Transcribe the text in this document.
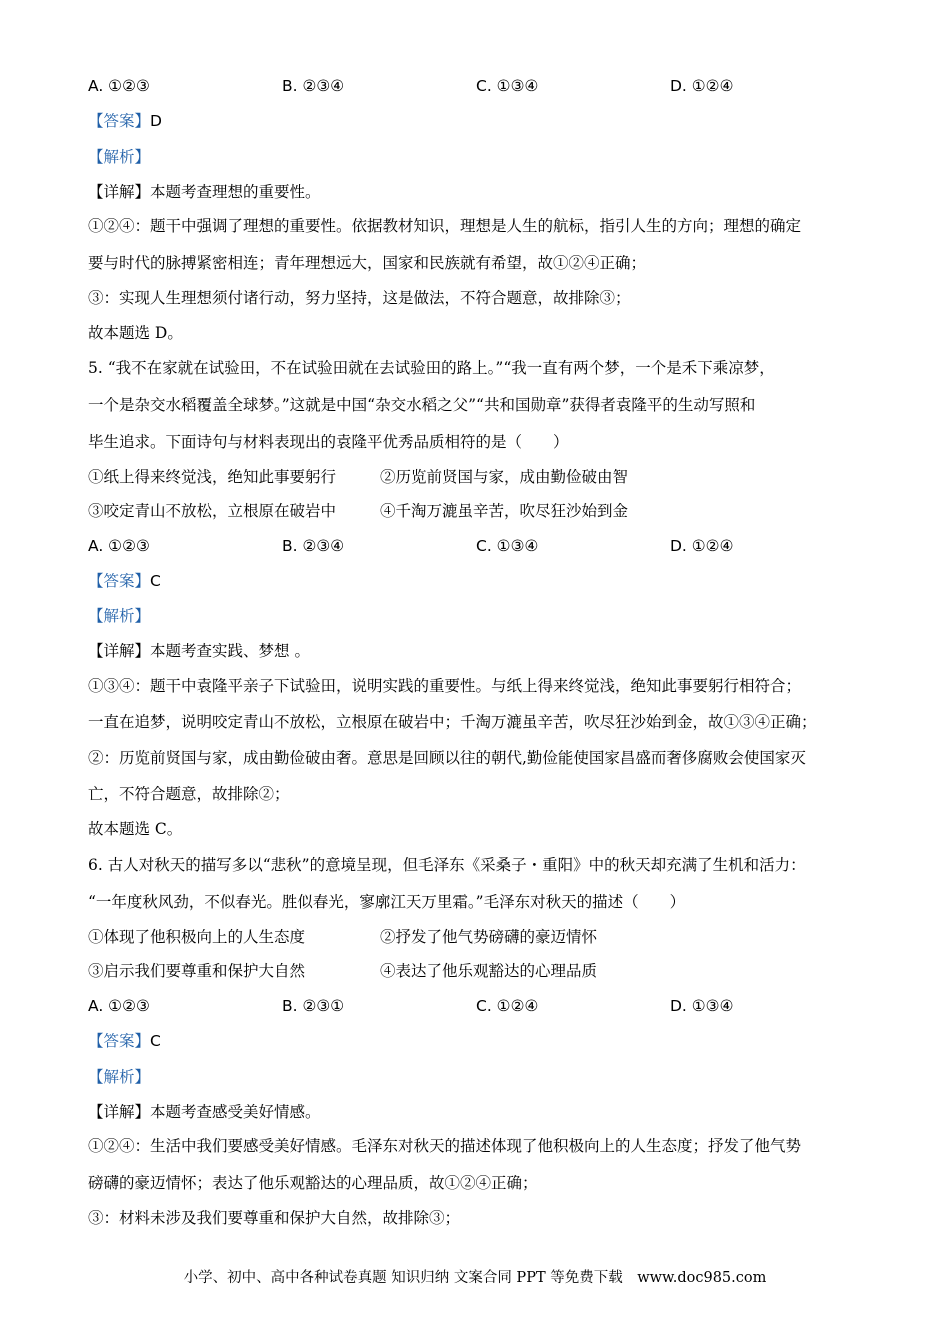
A. ①②③	B. ②③④	C. ①③④	D. ①②④
【答案】D
【解析】
【详解】本题考查理想的重要性。
①②④：题干中强调了理想的重要性。依据教材知识，理想是人生的航标，指引人生的方向；理想的确定
要与时代的脉搏紧密相连；青年理想远大，国家和民族就有希望，故①②④正确；
③：实现人生理想须付诸行动，努力坚持，这是做法，不符合题意，故排除③；
故本题选 D。
5. “我不在家就在试验田，不在试验田就在去试验田的路上。”“我一直有两个梦，一个是禾下乘凉梦，
一个是杂交水稻覆盖全球梦。”这就是中国“杂交水稻之父”“共和国勋章”获得者袁隆平的生动写照和
毕生追求。下面诗句与材料表现出的袁隆平优秀品质相符的是（　　）
①纸上得来终觉浅，绝知此事要躬行	②历览前贤国与家，成由勤俭破由智
③咬定青山不放松，立根原在破岩中	④千淘万漉虽辛苦，吹尽狂沙始到金
A. ①②③	B. ②③④	C. ①③④	D. ①②④
【答案】C
【解析】
【详解】本题考查实践、梦想 。
①③④：题干中袁隆平亲子下试验田，说明实践的重要性。与纸上得来终觉浅，绝知此事要躬行相符合；
一直在追梦，说明咬定青山不放松，立根原在破岩中；千淘万漉虽辛苦，吹尽狂沙始到金，故①③④正确；
②：历览前贤国与家，成由勤俭破由奢。意思是回顾以往的朝代,勤俭能使国家昌盛而奢侈腐败会使国家灭
亡，不符合题意，故排除②；
故本题选 C。
6. 古人对秋天的描写多以“悲秋”的意境呈现，但毛泽东《采桑子・重阳》中的秋天却充满了生机和活力：
“一年度秋风劲，不似春光。胜似春光，寥廓江天万里霜。”毛泽东对秋天的描述（　　）
①体现了他积极向上的人生态度	②抒发了他气势磅礴的豪迈情怀
③启示我们要尊重和保护大自然	④表达了他乐观豁达的心理品质
A. ①②③	B. ②③①	C. ①②④	D. ①③④
【答案】C
【解析】
【详解】本题考查感受美好情感。
①②④：生活中我们要感受美好情感。毛泽东对秋天的描述体现了他积极向上的人生态度；抒发了他气势
磅礴的豪迈情怀；表达了他乐观豁达的心理品质，故①②④正确；
③：材料未涉及我们要尊重和保护大自然，故排除③；
小学、初中、高中各种试卷真题 知识归纳 文案合同 PPT 等免费下载　www.doc985.com
